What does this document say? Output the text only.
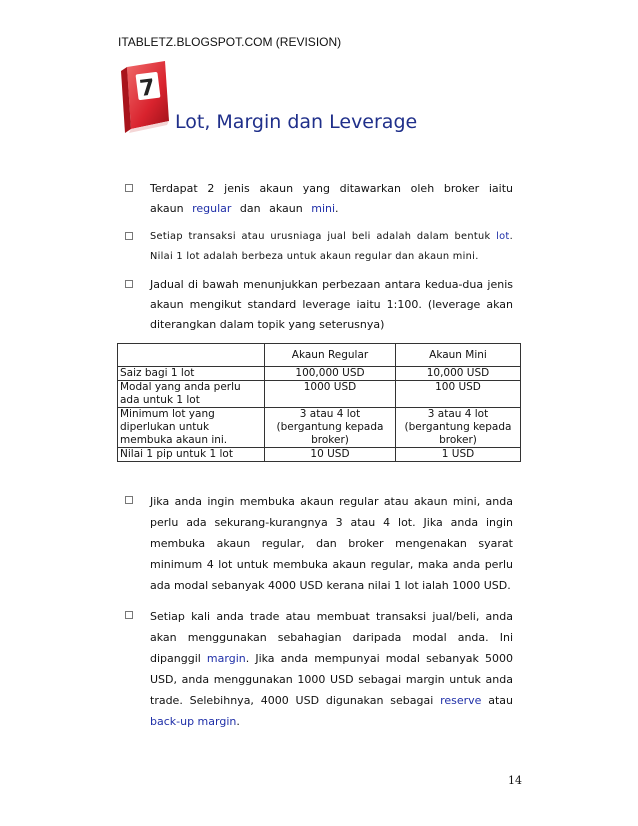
ITABLETZ.BLOGSPOT.COM (REVISION)
7
Lot, Margin dan Leverage
Terdapat 2 jenis akaun yang ditawarkan oleh broker iaitu akaun regular dan akaun mini.
Setiap transaksi atau urusniaga jual beli adalah dalam bentuk lot. Nilai 1 lot adalah berbeza untuk akaun regular dan akaun mini.
Jadual di bawah menunjukkan perbezaan antara kedua-dua jenis akaun mengikut standard leverage iaitu 1:100. (leverage akan diterangkan dalam topik yang seterusnya)
	Akaun Regular	Akaun Mini
Saiz bagi 1 lot	100,000 USD	10,000 USD
Modal yang anda perlu ada untuk 1 lot	1000 USD	100 USD
Minimum lot yang diperlukan untuk membuka akaun ini.	3 atau 4 lot (bergantung kepada broker)	3 atau 4 lot (bergantung kepada broker)
Nilai 1 pip untuk 1 lot	10 USD	1 USD
Jika anda ingin membuka akaun regular atau akaun mini, anda perlu ada sekurang-kurangnya 3 atau 4 lot. Jika anda ingin membuka akaun regular, dan broker mengenakan syarat minimum 4 lot untuk membuka akaun regular, maka anda perlu ada modal sebanyak 4000 USD kerana nilai 1 lot ialah 1000 USD.
Setiap kali anda trade atau membuat transaksi jual/beli, anda akan menggunakan sebahagian daripada modal anda. Ini dipanggil margin. Jika anda mempunyai modal sebanyak 5000 USD, anda menggunakan 1000 USD sebagai margin untuk anda trade. Selebihnya, 4000 USD digunakan sebagai reserve atau back-up margin.
14
